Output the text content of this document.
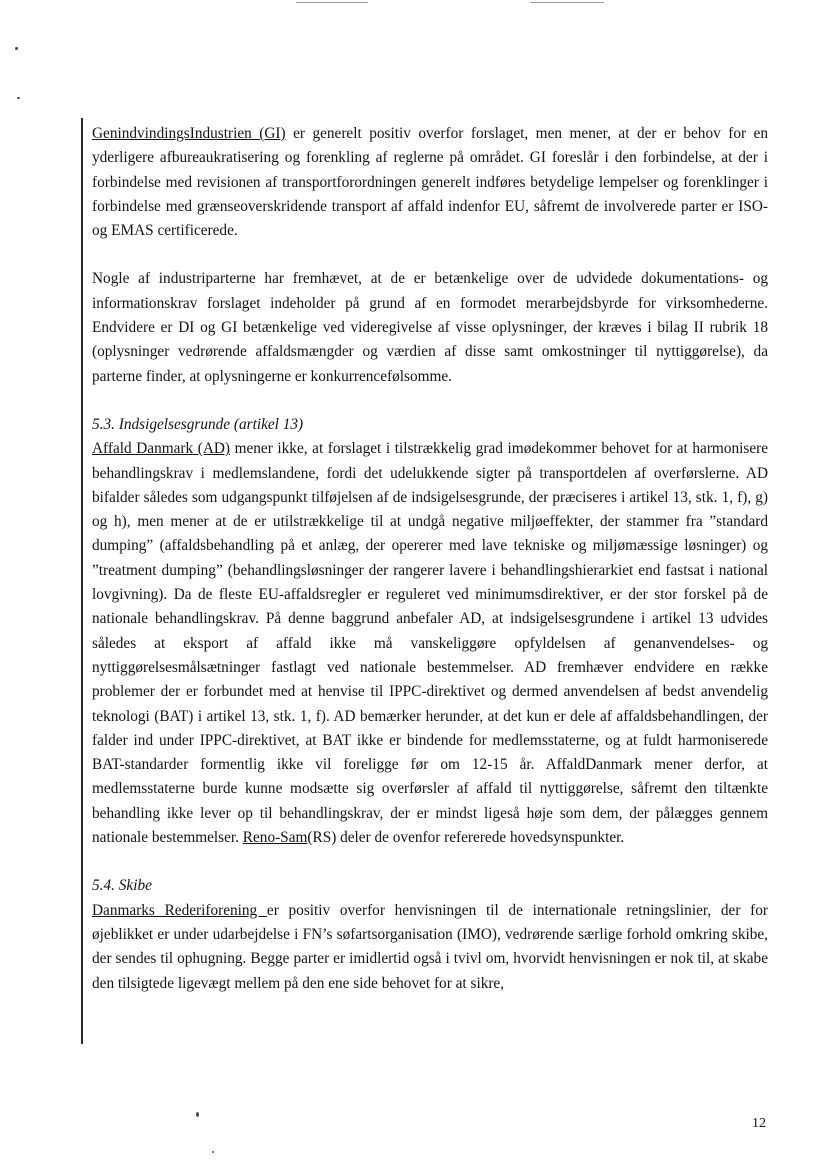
GenindvindingsIndustrien (GI) er generelt positiv overfor forslaget, men mener, at der er behov for en yderligere afbureaukratisering og forenkling af reglerne på området. GI foreslår i den forbindelse, at der i forbindelse med revisionen af transportforordningen generelt indføres betydelige lempelser og forenklinger i forbindelse med grænseoverskridende transport af affald indenfor EU, såfremt de involverede parter er ISO- og EMAS certificerede.

Nogle af industriparterne har fremhævet, at de er betænkelige over de udvidede dokumentations- og informationskrav forslaget indeholder på grund af en formodet merarbejdsbyrde for virksomhederne. Endvidere er DI og GI betænkelige ved videregivelse af visse oplysninger, der kræves i bilag II rubrik 18 (oplysninger vedrørende affaldsmængder og værdien af disse samt omkostninger til nyttiggørelse), da parterne finder, at oplysningerne er konkurrencefølsomme.

5.3. Indsigelsesgrunde (artikel 13)

Affald Danmark (AD) mener ikke, at forslaget i tilstrækkelig grad imødekommer behovet for at harmonisere behandlingskrav i medlemslandene, fordi det udelukkende sigter på transportdelen af overførslerne. AD bifalder således som udgangspunkt tilføjelsen af de indsigelsesgrunde, der præciseres i artikel 13, stk. 1, f), g) og h), men mener at de er utilstrækkelige til at undgå negative miljøeffekter, der stammer fra ”standard dumping” (affaldsbehandling på et anlæg, der opererer med lave tekniske og miljømæssige løsninger) og ”treatment dumping” (behandlingsløsninger der rangerer lavere i behandlingshierarkiet end fastsat i national lovgivning). Da de fleste EU-affaldsregler er reguleret ved minimumsdirektiver, er der stor forskel på de nationale behandlingskrav. På denne baggrund anbefaler AD, at indsigelsesgrundene i artikel 13 udvides således at eksport af affald ikke må vanskeliggøre opfyldelsen af genanvendelses- og nyttiggørelsesmålsætninger fastlagt ved nationale bestemmelser. AD fremhæver endvidere en række problemer der er forbundet med at henvise til IPPC-direktivet og dermed anvendelsen af bedst anvendelig teknologi (BAT) i artikel 13, stk. 1, f). AD bemærker herunder, at det kun er dele af affaldsbehandlingen, der falder ind under IPPC-direktivet, at BAT ikke er bindende for medlemsstaterne, og at fuldt harmoniserede BAT-standarder formentlig ikke vil foreligge før om 12-15 år. AffaldDanmark mener derfor, at medlemsstaterne burde kunne modsætte sig overførsler af affald til nyttiggørelse, såfremt den tiltænkte behandling ikke lever op til behandlingskrav, der er mindst ligeså høje som dem, der pålægges gennem nationale bestemmelser. Reno-Sam(RS) deler de ovenfor refererede hovedsynspunkter.

5.4. Skibe

Danmarks Rederiforening er positiv overfor henvisningen til de internationale retningslinier, der for øjeblikket er under udarbejdelse i FN’s søfartsorganisation (IMO), vedrørende særlige forhold omkring skibe, der sendes til ophugning. Begge parter er imidlertid også i tvivl om, hvorvidt henvisningen er nok til, at skabe den tilsigtede ligevægt mellem på den ene side behovet for at sikre,

12
